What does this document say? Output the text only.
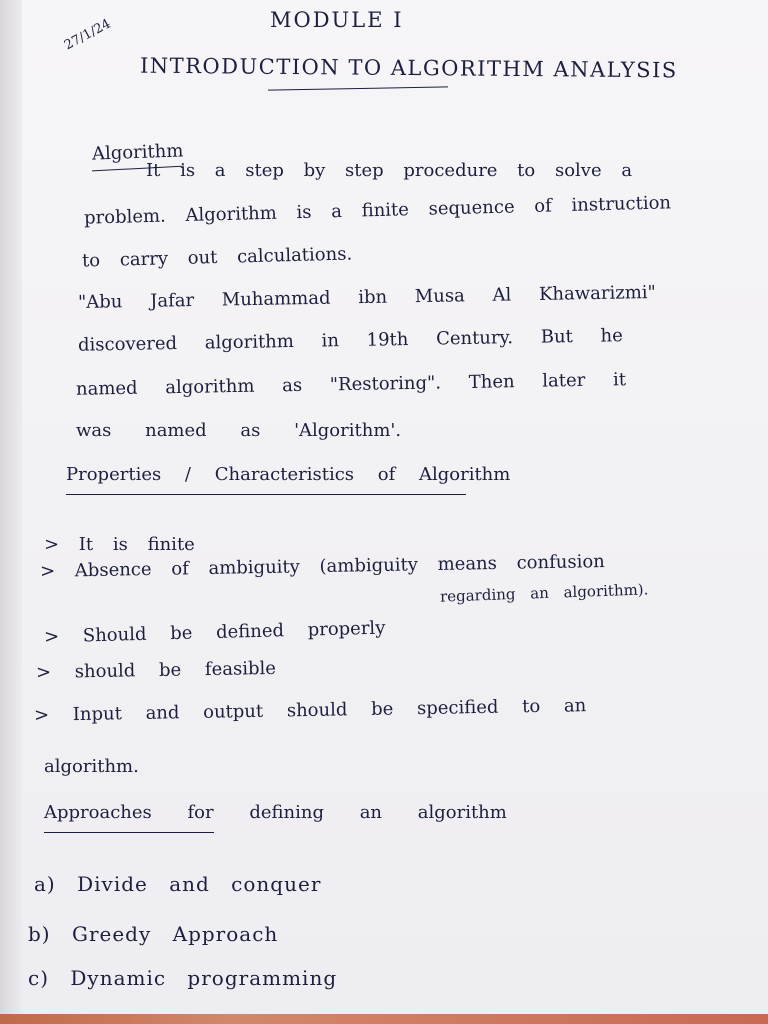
27/1/24	MODULE I
INTRODUCTION TO ALGORITHM ANALYSIS
Algorithm
It is a step by step procedure to solve a
problem. Algorithm is a finite sequence of instruction
to carry out calculations.
"Abu Jafar Muhammad ibn Musa Al Khawarizmi"
discovered algorithm in 19th Century. But he
named algorithm as "Restoring". Then later it
was named as 'Algorithm'.
Properties / Characteristics of Algorithm
> It is finite
> Absence of ambiguity (ambiguity means confusion
regarding an algorithm).
> Should be defined properly
> should be feasible
> Input and output should be specified to an
algorithm.
Approaches for defining an algorithm
a) Divide and conquer
b) Greedy Approach
c) Dynamic programming
